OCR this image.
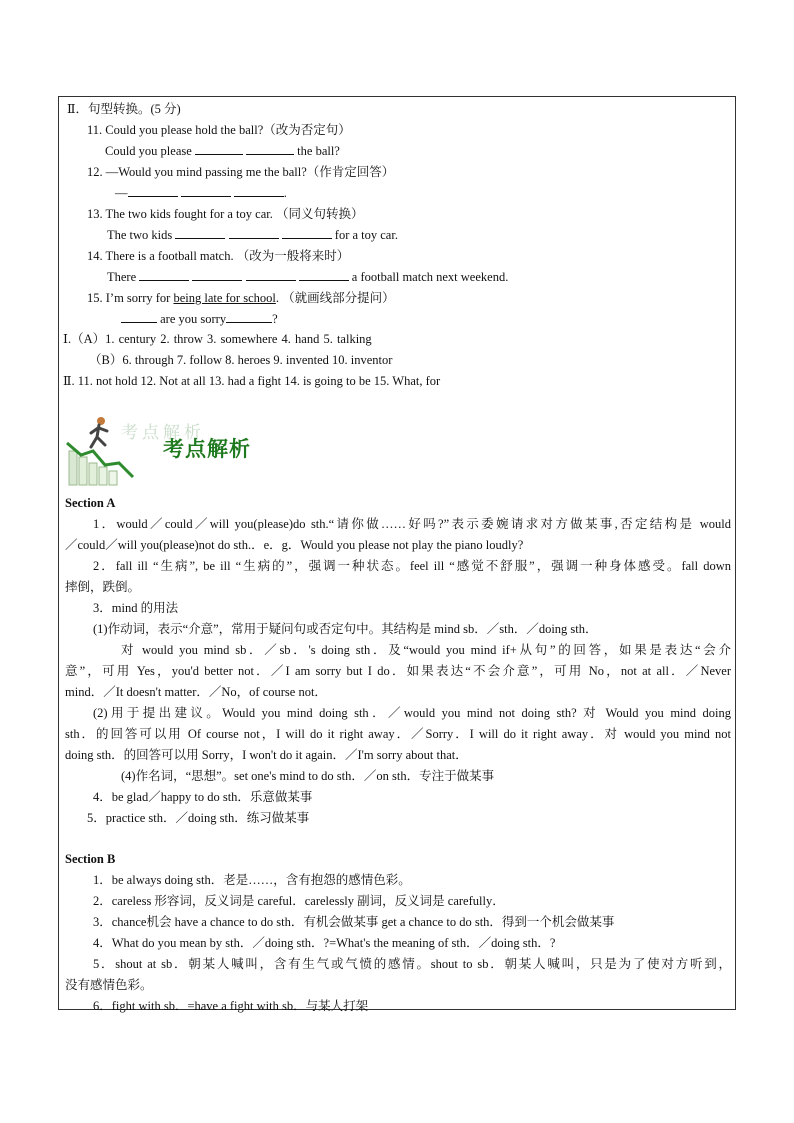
Ⅱ．句型转换。(5 分)
11. Could you please hold the ball?（改为否定句）
Could you please	the ball?
12. —Would you mind passing me the ball?（作肯定回答）
—	.
13. The two kids fought for a toy car. （同义句转换）
The two kids	for a toy car.
14. There is a football match. （改为一般将来时）
There	a football match next weekend.
15. I’m sorry for being late for school. （就画线部分提问）
are you sorry	?
Ⅰ.（A）1. century 2. throw 3. somewhere 4. hand 5. talking
（B）6. through 7. follow 8. heroes 9. invented 10. inventor
Ⅱ. 11. not hold 12. Not at all 13. had a fight 14. is going to be 15. What, for
考点解析
考点解析
Section A
1．would／could／will you(please)do sth.“请你做……好吗?”表示委婉请求对方做某事,否定结构是 would
／could／will you(please)not do sth.．e．g．Would you please not play the piano loudly?
2．fall ill “生病”, be ill “生病的”，强调一种状态。feel ill “感觉不舒服”，强调一种身体感受。fall down
摔倒，跌倒。
3．mind 的用法
(1)作动词，表示“介意”，常用于疑问句或否定句中。其结构是 mind sb．／sth．／doing sth．
对 would you mind sb．／sb．'s doing sth．及“would you mind if+从句”的回答，如果是表达“会介
意”，可用 Yes，you'd better not．／I am sorry but I do．如果表达“不会介意”，可用 No，not at all．／Never
mind．／It doesn't matter．／No，of course not．
(2)用于提出建议。Would you mind doing sth．／would you mind not doing sth? 对 Would you mind doing
sth．的回答可以用 Of course not，I will do it right away．／Sorry．I will do it right away．对 would you mind not
doing sth．的回答可以用 Sorry，I won't do it again．／I'm sorry about that．
(4)作名词，“思想”。set one's mind to do sth．／on sth．专注于做某事
4．be glad／happy to do sth．乐意做某事
5．practice sth．／doing sth．练习做某事
Section B
1．be always doing sth．老是……，含有抱怨的感情色彩。
2．careless 形容词，反义词是 careful．carelessly 副词，反义词是 carefully．
3．chance机会 have a chance to do sth．有机会做某事 get a chance to do sth．得到一个机会做某事
4．What do you mean by sth．／doing sth．?=What's the meaning of sth．／doing sth．?
5．shout at sb．朝某人喊叫，含有生气或气愤的感情。shout to sb．朝某人喊叫，只是为了使对方听到，
没有感情色彩。
6．fight with sb．=have a fight with sb．与某人打架
